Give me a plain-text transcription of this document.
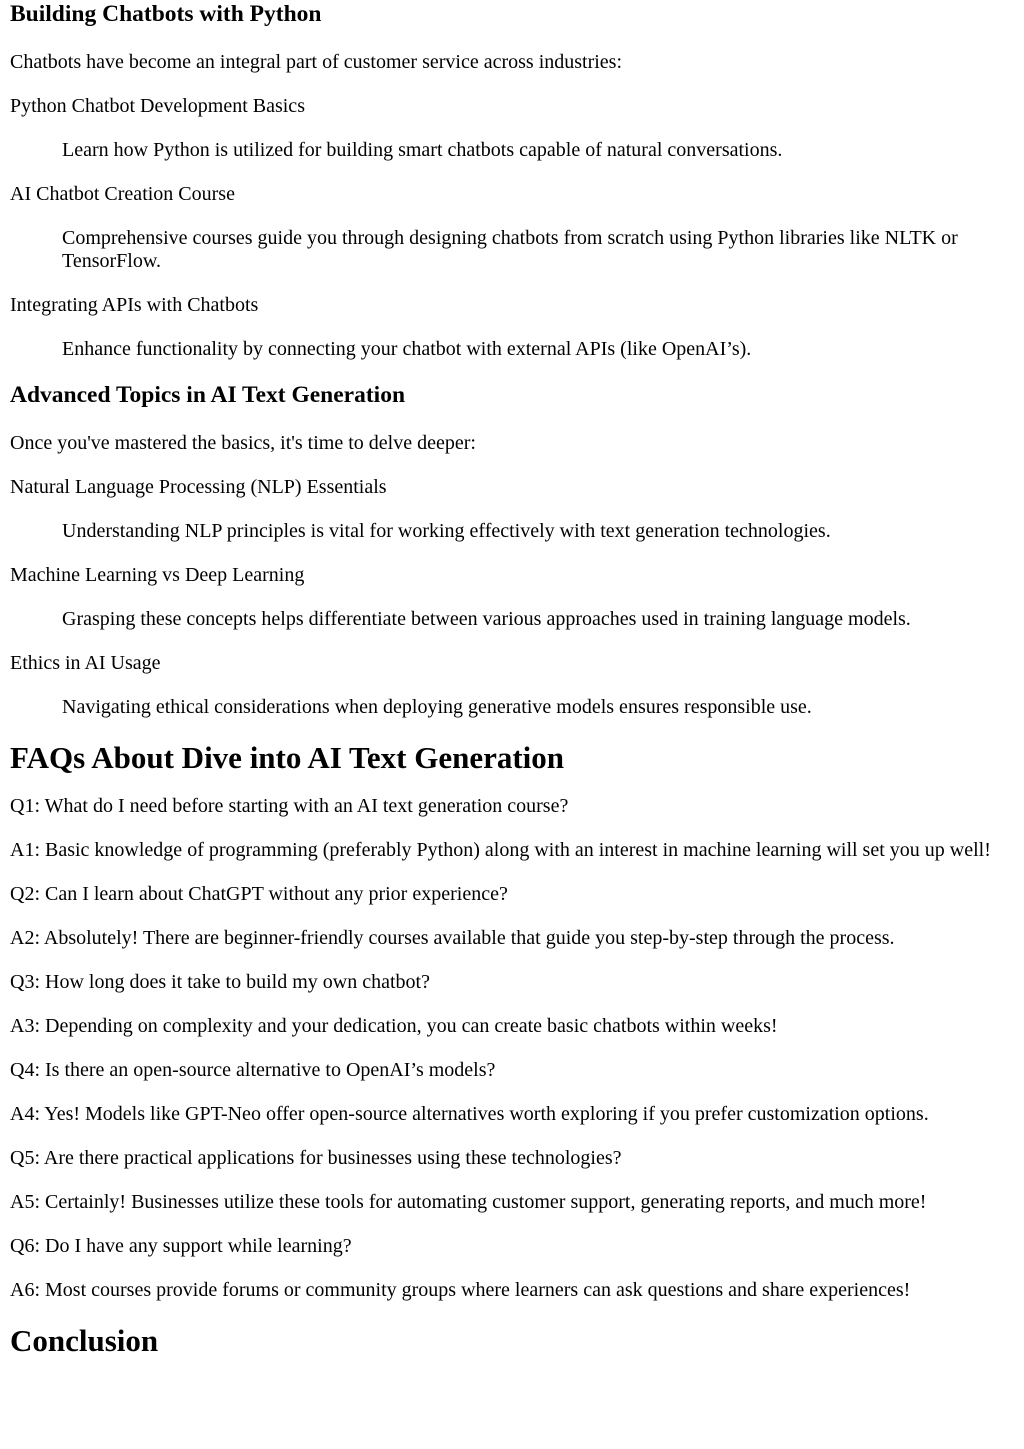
Building Chatbots with Python

Chatbots have become an integral part of customer service across industries:

Python Chatbot Development Basics
Learn how Python is utilized for building smart chatbots capable of natural conversations.
AI Chatbot Creation Course
Comprehensive courses guide you through designing chatbots from scratch using Python libraries like NLTK or TensorFlow.
Integrating APIs with Chatbots
Enhance functionality by connecting your chatbot with external APIs (like OpenAI’s).
Advanced Topics in AI Text Generation

Once you've mastered the basics, it's time to delve deeper:

Natural Language Processing (NLP) Essentials
Understanding NLP principles is vital for working effectively with text generation technologies.
Machine Learning vs Deep Learning
Grasping these concepts helps differentiate between various approaches used in training language models.
Ethics in AI Usage
Navigating ethical considerations when deploying generative models ensures responsible use.
FAQs About Dive into AI Text Generation

Q1: What do I need before starting with an AI text generation course?

A1: Basic knowledge of programming (preferably Python) along with an interest in machine learning will set you up well!

Q2: Can I learn about ChatGPT without any prior experience?

A2: Absolutely! There are beginner-friendly courses available that guide you step-by-step through the process.

Q3: How long does it take to build my own chatbot?

A3: Depending on complexity and your dedication, you can create basic chatbots within weeks!

Q4: Is there an open-source alternative to OpenAI’s models?

A4: Yes! Models like GPT-Neo offer open-source alternatives worth exploring if you prefer customization options.

Q5: Are there practical applications for businesses using these technologies?

A5: Certainly! Businesses utilize these tools for automating customer support, generating reports, and much more!

Q6: Do I have any support while learning?

A6: Most courses provide forums or community groups where learners can ask questions and share experiences!

Conclusion
